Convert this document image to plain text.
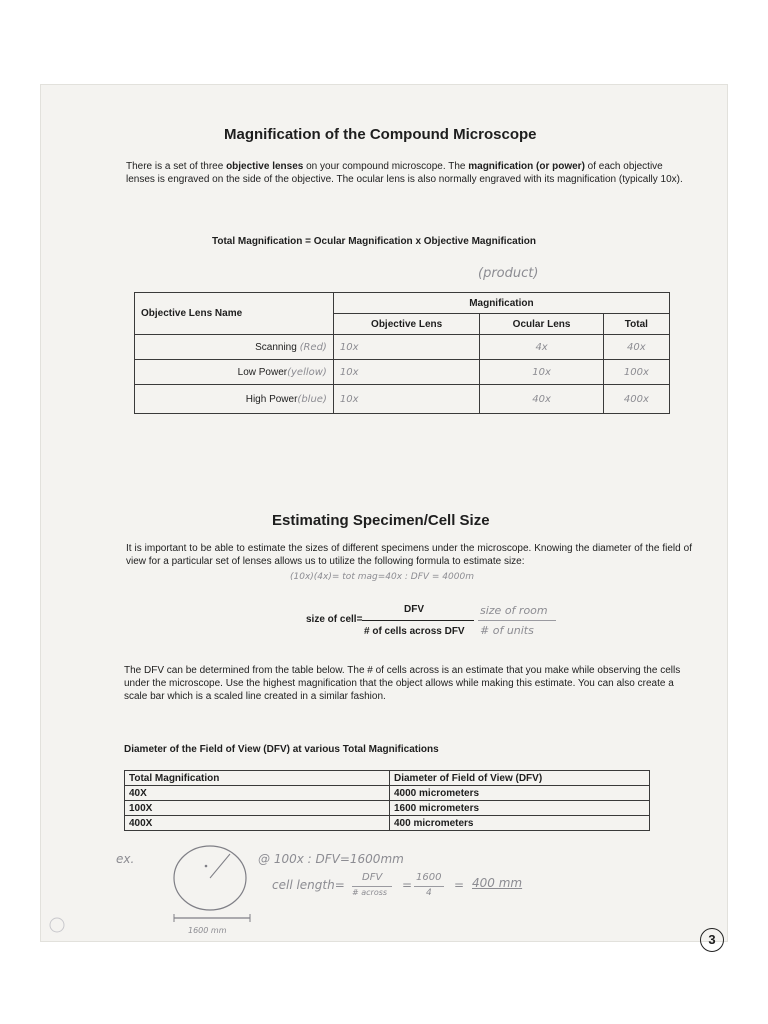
Magnification of the Compound Microscope
There is a set of three objective lenses on your compound microscope. The magnification (or power) of each objective lenses is engraved on the side of the objective. The ocular lens is also normally engraved with its magnification (typically 10x).
Total Magnification = Ocular Magnification x Objective Magnification
(product)
Objective Lens Name	Magnification		
	Objective Lens	Ocular Lens	Total
Scanning (Red)	10x	4x	40x
Low Power(yellow)	10x	10x	100x
High Power(blue)	10x	40x	400x
Estimating Specimen/Cell Size
It is important to be able to estimate the sizes of different specimens under the microscope. Knowing the diameter of the field of view for a particular set of lenses allows us to utilize the following formula to estimate size:
(10x)(4x)= tot mag=40x : DFV = 4000m
size of cell=
DFV
# of cells across DFV
size of room
# of units
The DFV can be determined from the table below. The # of cells across is an estimate that you make while observing the cells under the microscope. Use the highest magnification that the object allows while making this estimate. You can also create a scale bar which is a scaled line created in a similar fashion.
Diameter of the Field of View (DFV) at various Total Magnifications
Total Magnification	Diameter of Field of View (DFV)
40X	4000 micrometers
100X	1600 micrometers
400X	400 micrometers
ex.
1600 mm
@ 100x : DFV=1600mm
cell length=
DFV
# across
=
1600
4
= 400 mm
3
